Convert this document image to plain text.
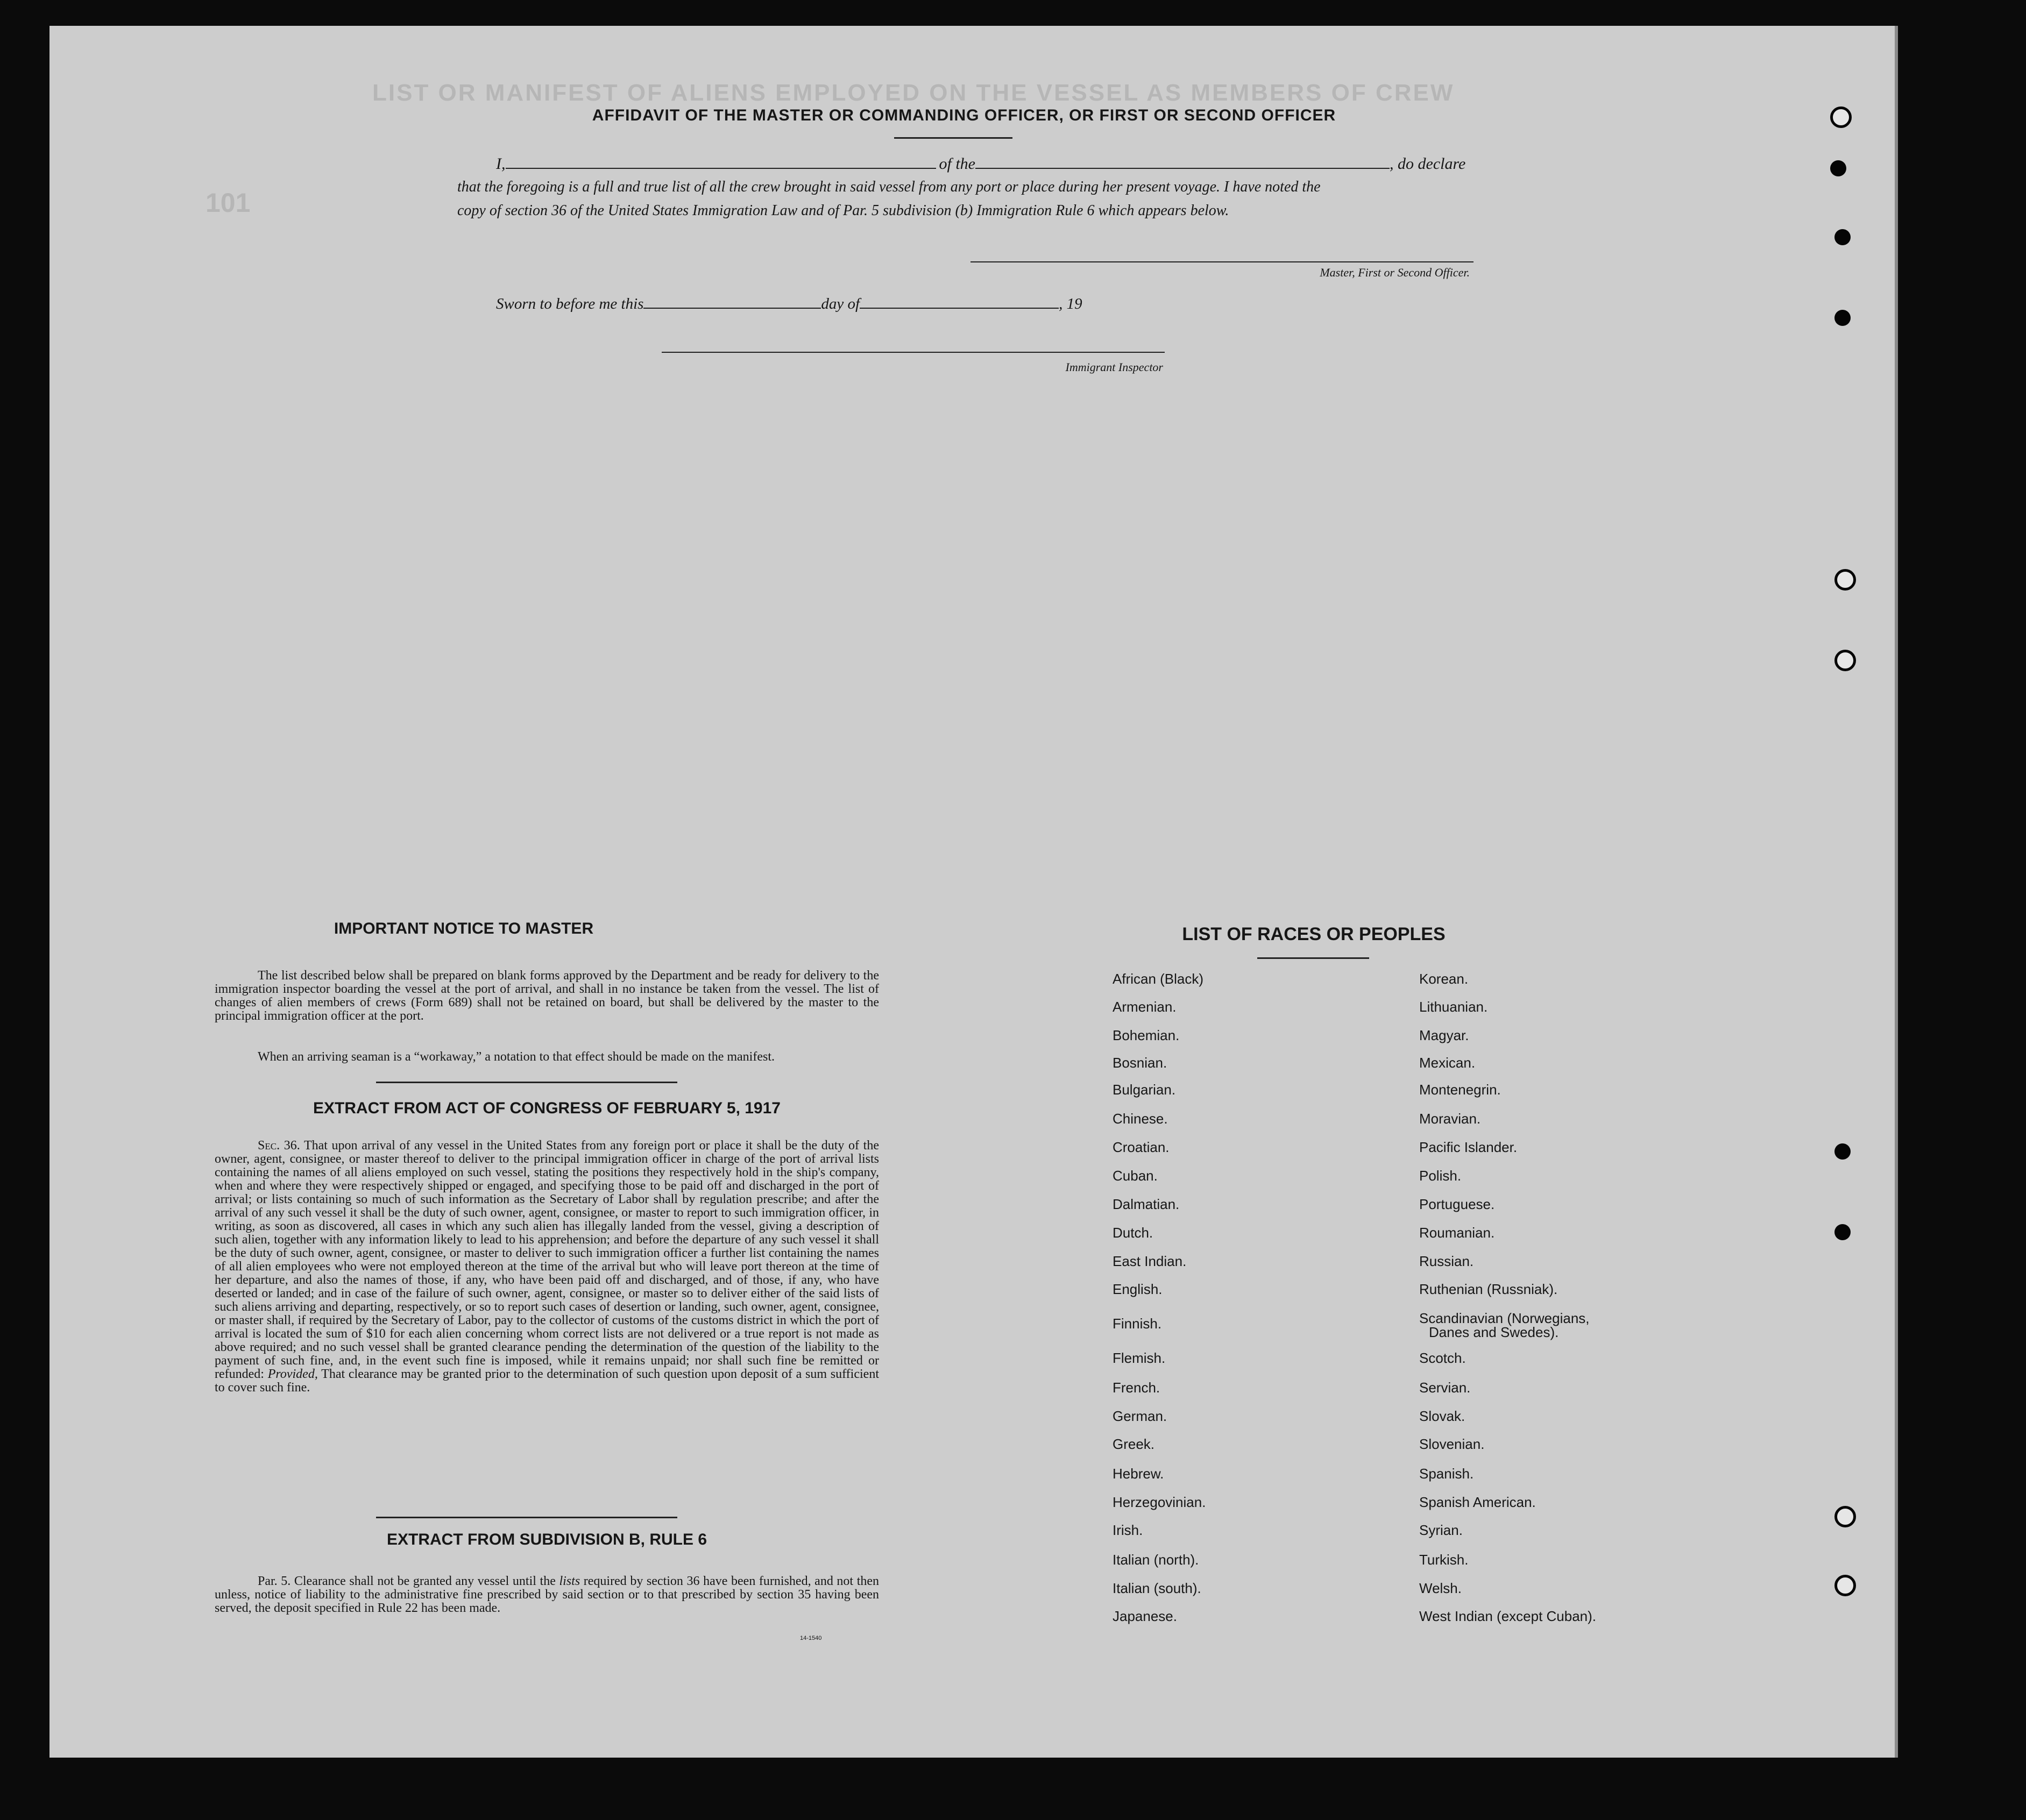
LIST OR MANIFEST OF ALIENS EMPLOYED ON THE VESSEL AS MEMBERS OF CREW
101
AFFIDAVIT OF THE MASTER OR COMMANDING OFFICER, OR FIRST OR SECOND OFFICER
I,	of the	, do declare
that the foregoing is a full and true list of all the crew brought in said vessel from any port or place during her present voyage. I have noted the
copy of section 36 of the United States Immigration Law and of Par. 5 subdivision (b) Immigration Rule 6 which appears below.
Master, First or Second Officer.
Sworn to before me this	day of	, 19
Immigrant Inspector
IMPORTANT NOTICE TO MASTER
The list described below shall be prepared on blank forms approved by the Department and be ready for delivery to the immigration inspector boarding the vessel at the port of arrival, and shall in no instance be taken from the vessel. The list of changes of alien members of crews (Form 689) shall not be retained on board, but shall be delivered by the master to the principal immigration officer at the port.
When an arriving seaman is a “workaway,” a notation to that effect should be made on the manifest.
EXTRACT FROM ACT OF CONGRESS OF FEBRUARY 5, 1917
Sec. 36. That upon arrival of any vessel in the United States from any foreign port or place it shall be the duty of the owner, agent, consignee, or master thereof to deliver to the principal immigration officer in charge of the port of arrival lists containing the names of all aliens employed on such vessel, stating the positions they respectively hold in the ship's company, when and where they were respectively shipped or engaged, and specifying those to be paid off and discharged in the port of arrival; or lists containing so much of such information as the Secretary of Labor shall by regulation prescribe; and after the arrival of any such vessel it shall be the duty of such owner, agent, consignee, or master to report to such immigration officer, in writing, as soon as discovered, all cases in which any such alien has illegally landed from the vessel, giving a description of such alien, together with any information likely to lead to his apprehension; and before the departure of any such vessel it shall be the duty of such owner, agent, consignee, or master to deliver to such immigration officer a further list containing the names of all alien employees who were not employed thereon at the time of the arrival but who will leave port thereon at the time of her departure, and also the names of those, if any, who have been paid off and discharged, and of those, if any, who have deserted or landed; and in case of the failure of such owner, agent, consignee, or master so to deliver either of the said lists of such aliens arriving and departing, respectively, or so to report such cases of desertion or landing, such owner, agent, consignee, or master shall, if required by the Secretary of Labor, pay to the collector of customs of the customs district in which the port of arrival is located the sum of $10 for each alien concerning whom correct lists are not delivered or a true report is not made as above required; and no such vessel shall be granted clearance pending the determination of the question of the liability to the payment of such fine, and, in the event such fine is imposed, while it remains unpaid; nor shall such fine be remitted or refunded: Provided, That clearance may be granted prior to the determination of such question upon deposit of a sum sufficient to cover such fine.
EXTRACT FROM SUBDIVISION B, RULE 6
Par. 5. Clearance shall not be granted any vessel until the lists required by section 36 have been furnished, and not then unless, notice of liability to the administrative fine prescribed by said section or to that prescribed by section 35 having been served, the deposit specified in Rule 22 has been made.
14-1540
LIST OF RACES OR PEOPLES
African (Black)
Armenian.
Bohemian.
Bosnian.
Bulgarian.
Chinese.
Croatian.
Cuban.
Dalmatian.
Dutch.
East Indian.
English.
Finnish.
Flemish.
French.
German.
Greek.
Hebrew.
Herzegovinian.
Irish.
Italian (north).
Italian (south).
Japanese.
Korean.
Lithuanian.
Magyar.
Mexican.
Montenegrin.
Moravian.
Pacific Islander.
Polish.
Portuguese.
Roumanian.
Russian.
Ruthenian (Russniak).
Scandinavian (Norwegians,
Danes and Swedes).
Scotch.
Servian.
Slovak.
Slovenian.
Spanish.
Spanish American.
Syrian.
Turkish.
Welsh.
West Indian (except Cuban).
